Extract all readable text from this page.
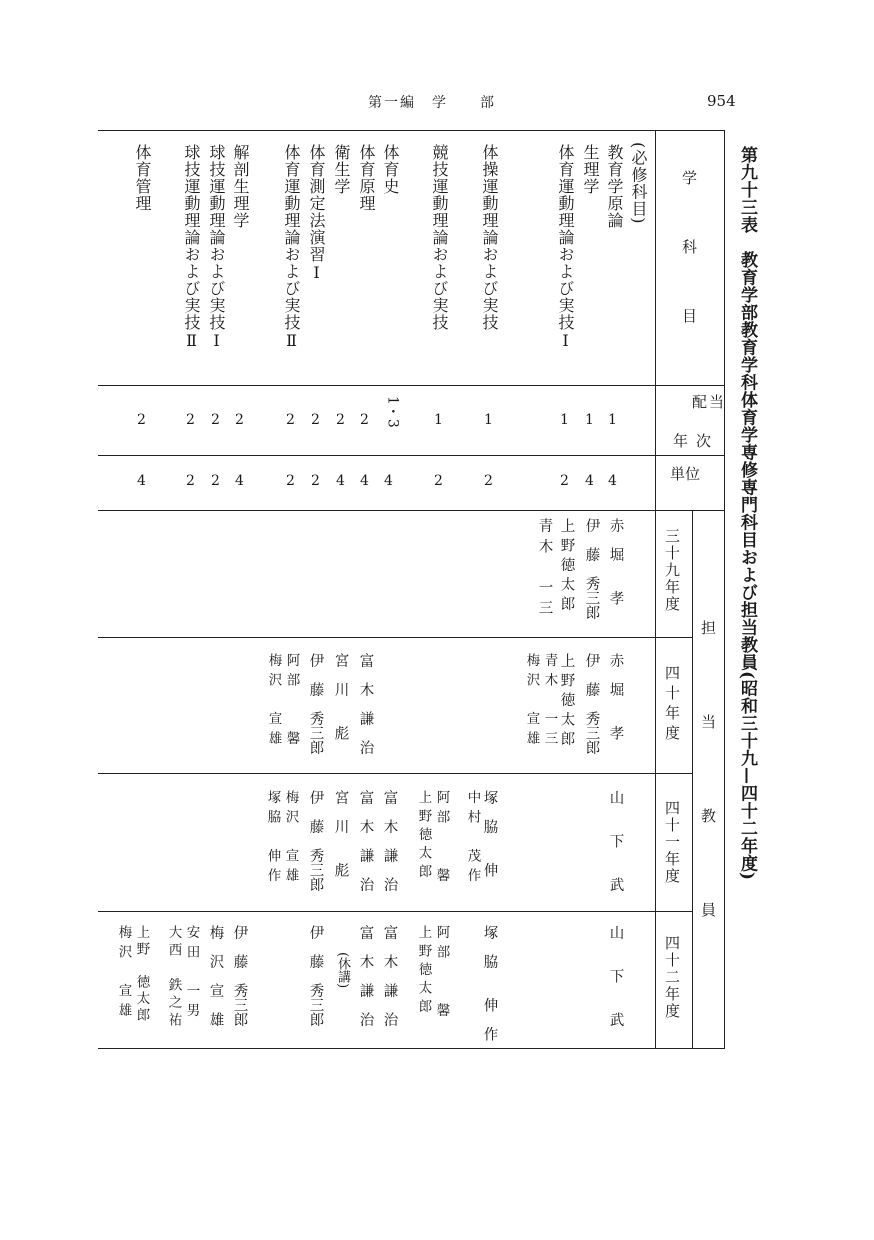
第一編　学　　部	954
第九十三表　教育学部教育学科体育学専修専門科目および担当教員(昭和三十九—四十二年度)
学　　科　　目
配当
年次
単位
担　当　教　員
三十九年度
四十年度
四十一年度
四十二年度
(必修科目)
教育学原論
生理学
体育運動理論および実技Ⅰ
体操運動理論および実技
競技運動理論および実技
体育史
体育原理
衛生学
体育測定法演習Ⅰ
体育運動理論および実技Ⅱ
解剖生理学
球技運動理論および実技Ⅰ
球技運動理論および実技Ⅱ
体育管理
1
1
1
1
1
1・3
2
2
2
2
2
2
2
2
4
4
2
2
2
4
4
4
2
2
4
2
2
4
赤　堀　　孝
伊　藤　秀三郎
上野徳太郎
青木　一三
赤　堀　　孝
伊　藤　秀三郎
上野徳太郎
青木　一三
梅沢　宣雄
富　木　謙　治
宮　川　　彪
伊　藤　秀三郎
阿部　　馨
梅沢　宣雄
山　　下　　武
塚　脇　　伸
中村　茂作
阿部　　馨
上野徳太郎
富　木　謙　治
富　木　謙　治
宮　川　　彪
伊　藤　秀三郎
梅沢　宣雄
塚脇　伸作
山　　下　　武
塚　脇　　伸　作
阿部　　馨
上野徳太郎
富　木　謙　治
富　木　謙　治
(休講)
伊　藤　秀三郎
伊　藤　秀三郎
梅　沢　宣　雄
安田　一男
大西　鉄之祐
上野　徳太郎
梅沢　宣雄
